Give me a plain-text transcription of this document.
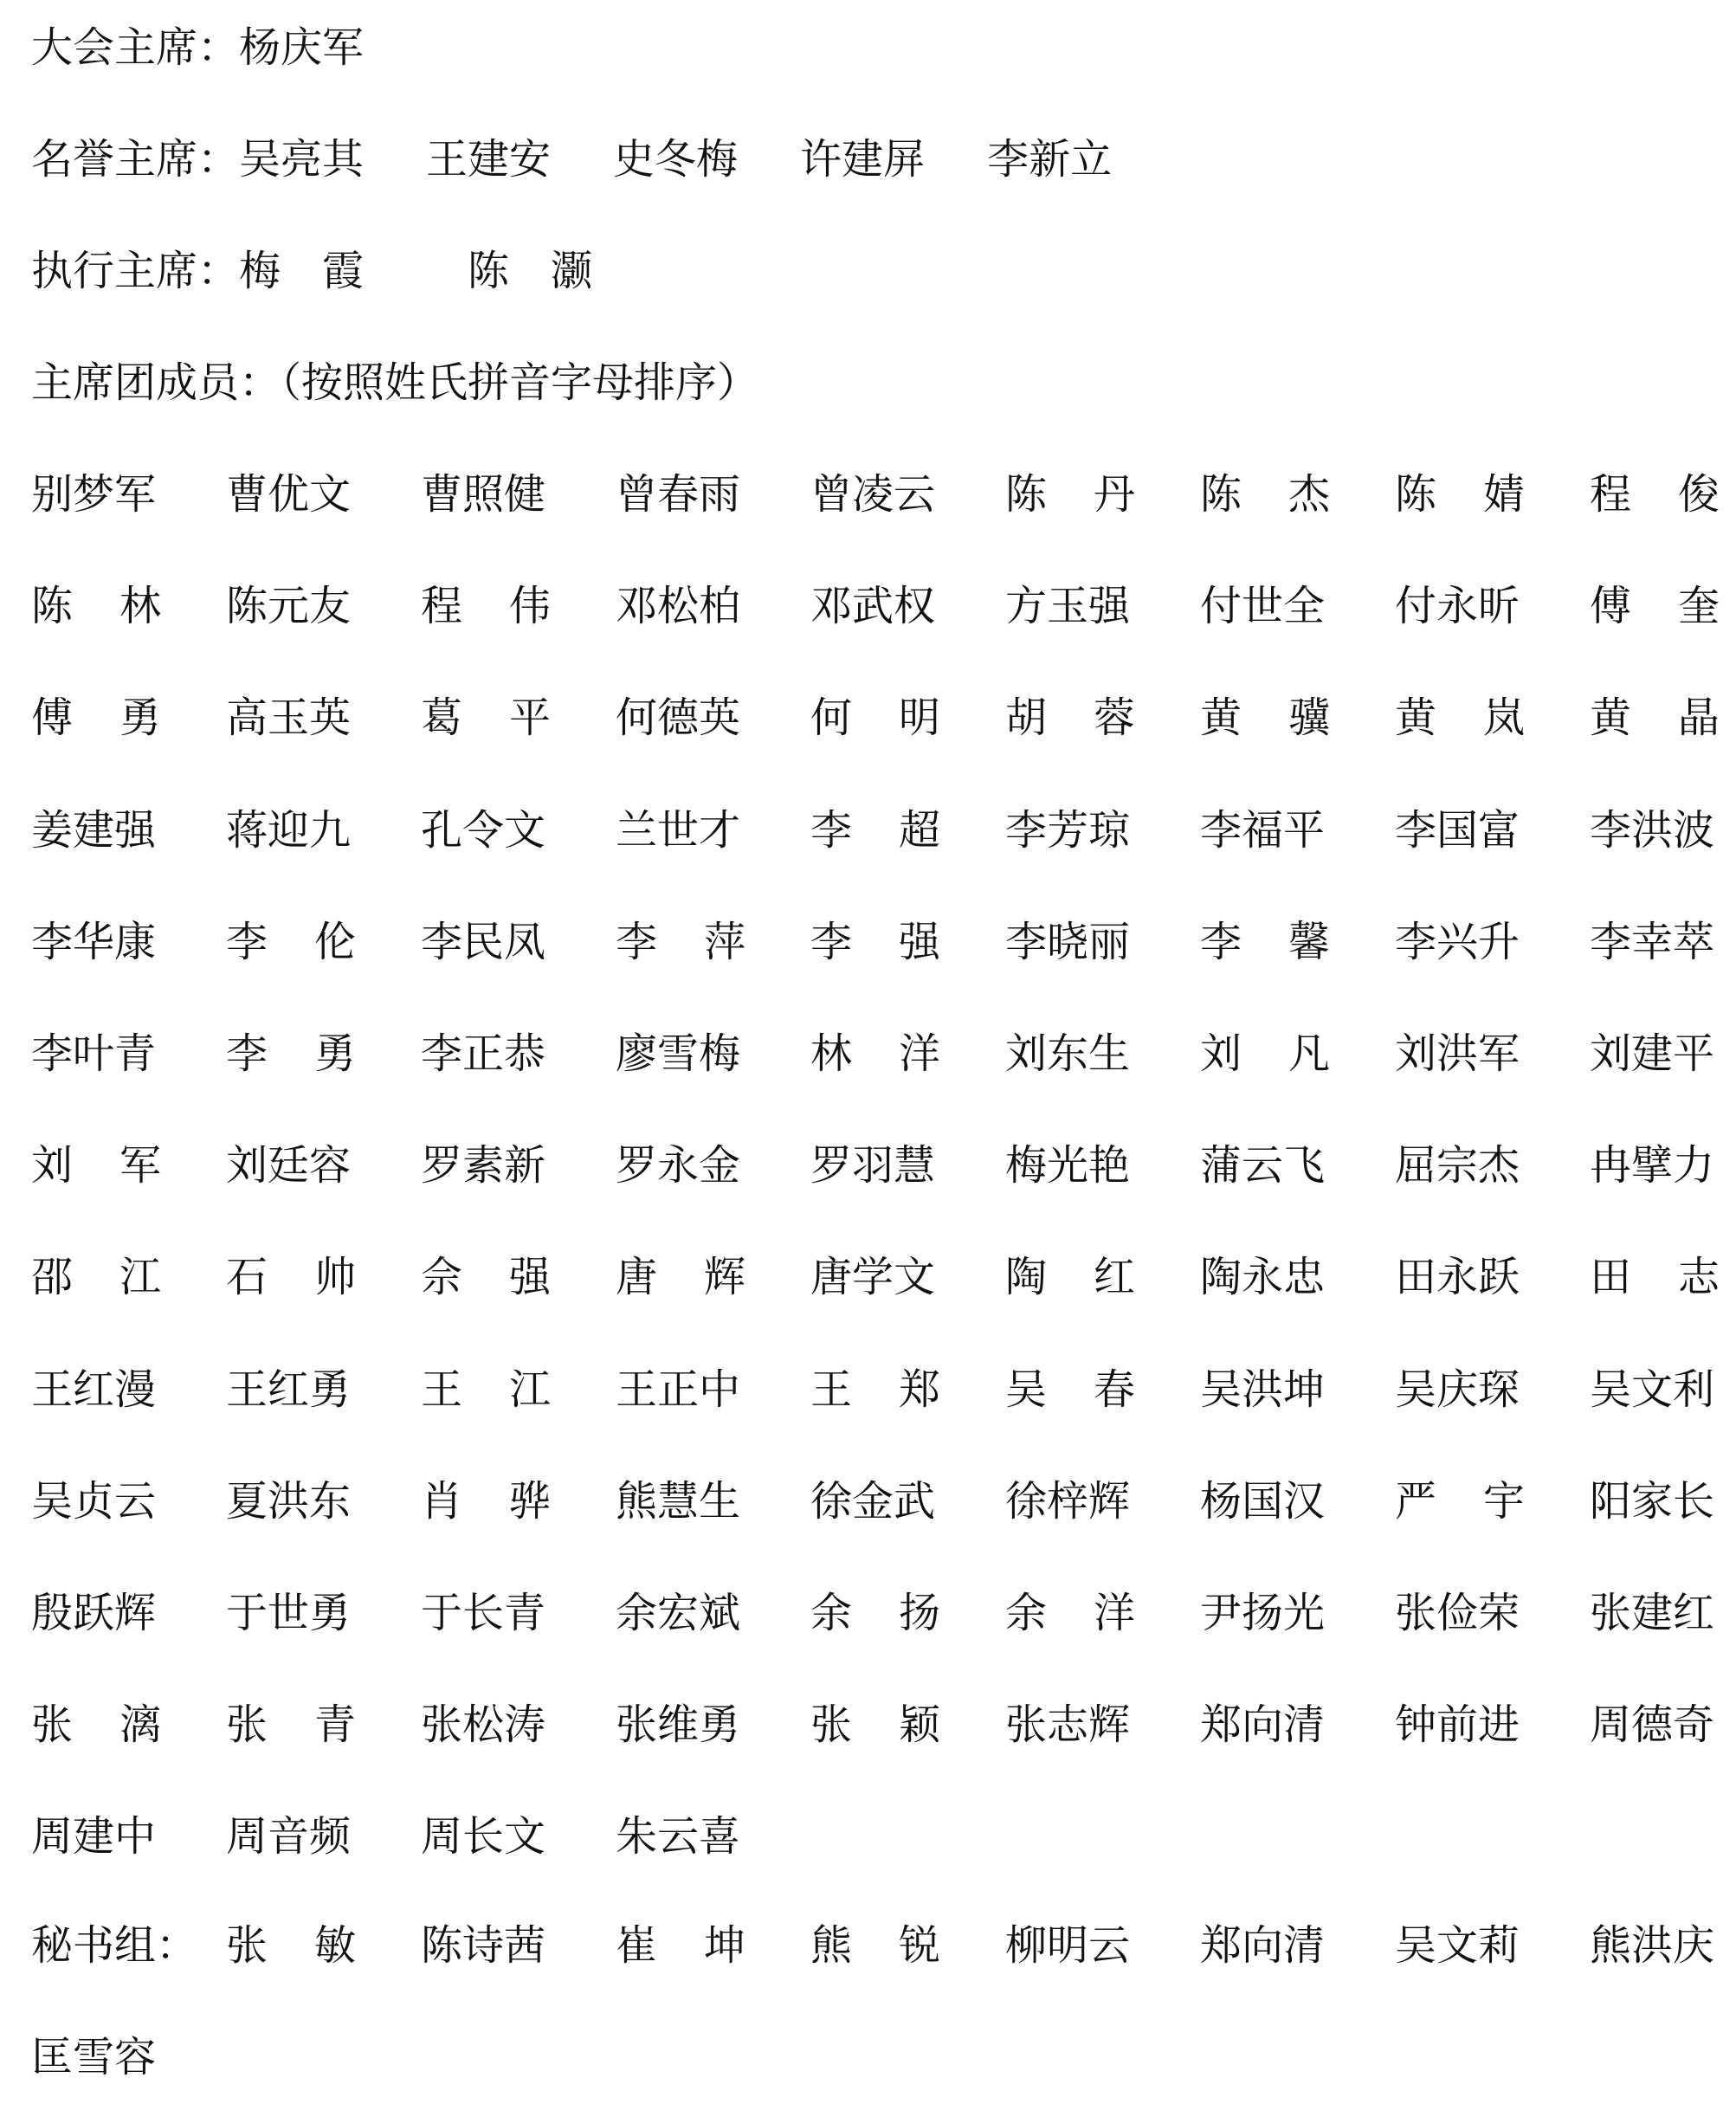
大会主席：杨庆军
名誉主席：吴亮其 王建安 史冬梅 许建屏 李新立
执行主席：梅霞 陈灏
主席团成员：（按照姓氏拼音字母排序）
别梦军 曹优文 曹照健 曾春雨 曾凌云 陈 丹 陈 杰 陈 婧 程 俊
陈 林 陈元友 程 伟 邓松柏 邓武权 方玉强 付世全 付永昕 傅 奎
傅 勇 高玉英 葛 平 何德英 何 明 胡 蓉 黄 骥 黄 岚 黄 晶
姜建强 蒋迎九 孔令文 兰世才 李 超 李芳琼 李福平 李国富 李洪波
李华康 李 伦 李民凤 李 萍 李 强 李晓丽 李 馨 李兴升 李幸萃
李叶青 李 勇 李正恭 廖雪梅 林 洋 刘东生 刘 凡 刘洪军 刘建平
刘 军 刘廷容 罗素新 罗永金 罗羽慧 梅光艳 蒲云飞 屈宗杰 冉擘力
邵 江 石 帅 佘 强 唐 辉 唐学文 陶 红 陶永忠 田永跃 田 志
王红漫 王红勇 王 江 王正中 王 郑 吴 春 吴洪坤 吴庆琛 吴文利
吴贞云 夏洪东 肖 骅 熊慧生 徐金武 徐梓辉 杨国汉 严 宇 阳家长
殷跃辉 于世勇 于长青 余宏斌 余 扬 余 洋 尹扬光 张俭荣 张建红
张 漓 张 青 张松涛 张维勇 张 颖 张志辉 郑向清 钟前进 周德奇
周建中 周音频 周长文 朱云喜
秘书组： 张 敏 陈诗茜 崔 坤 熊 锐 柳明云 郑向清 吴文莉 熊洪庆
匡雪容
